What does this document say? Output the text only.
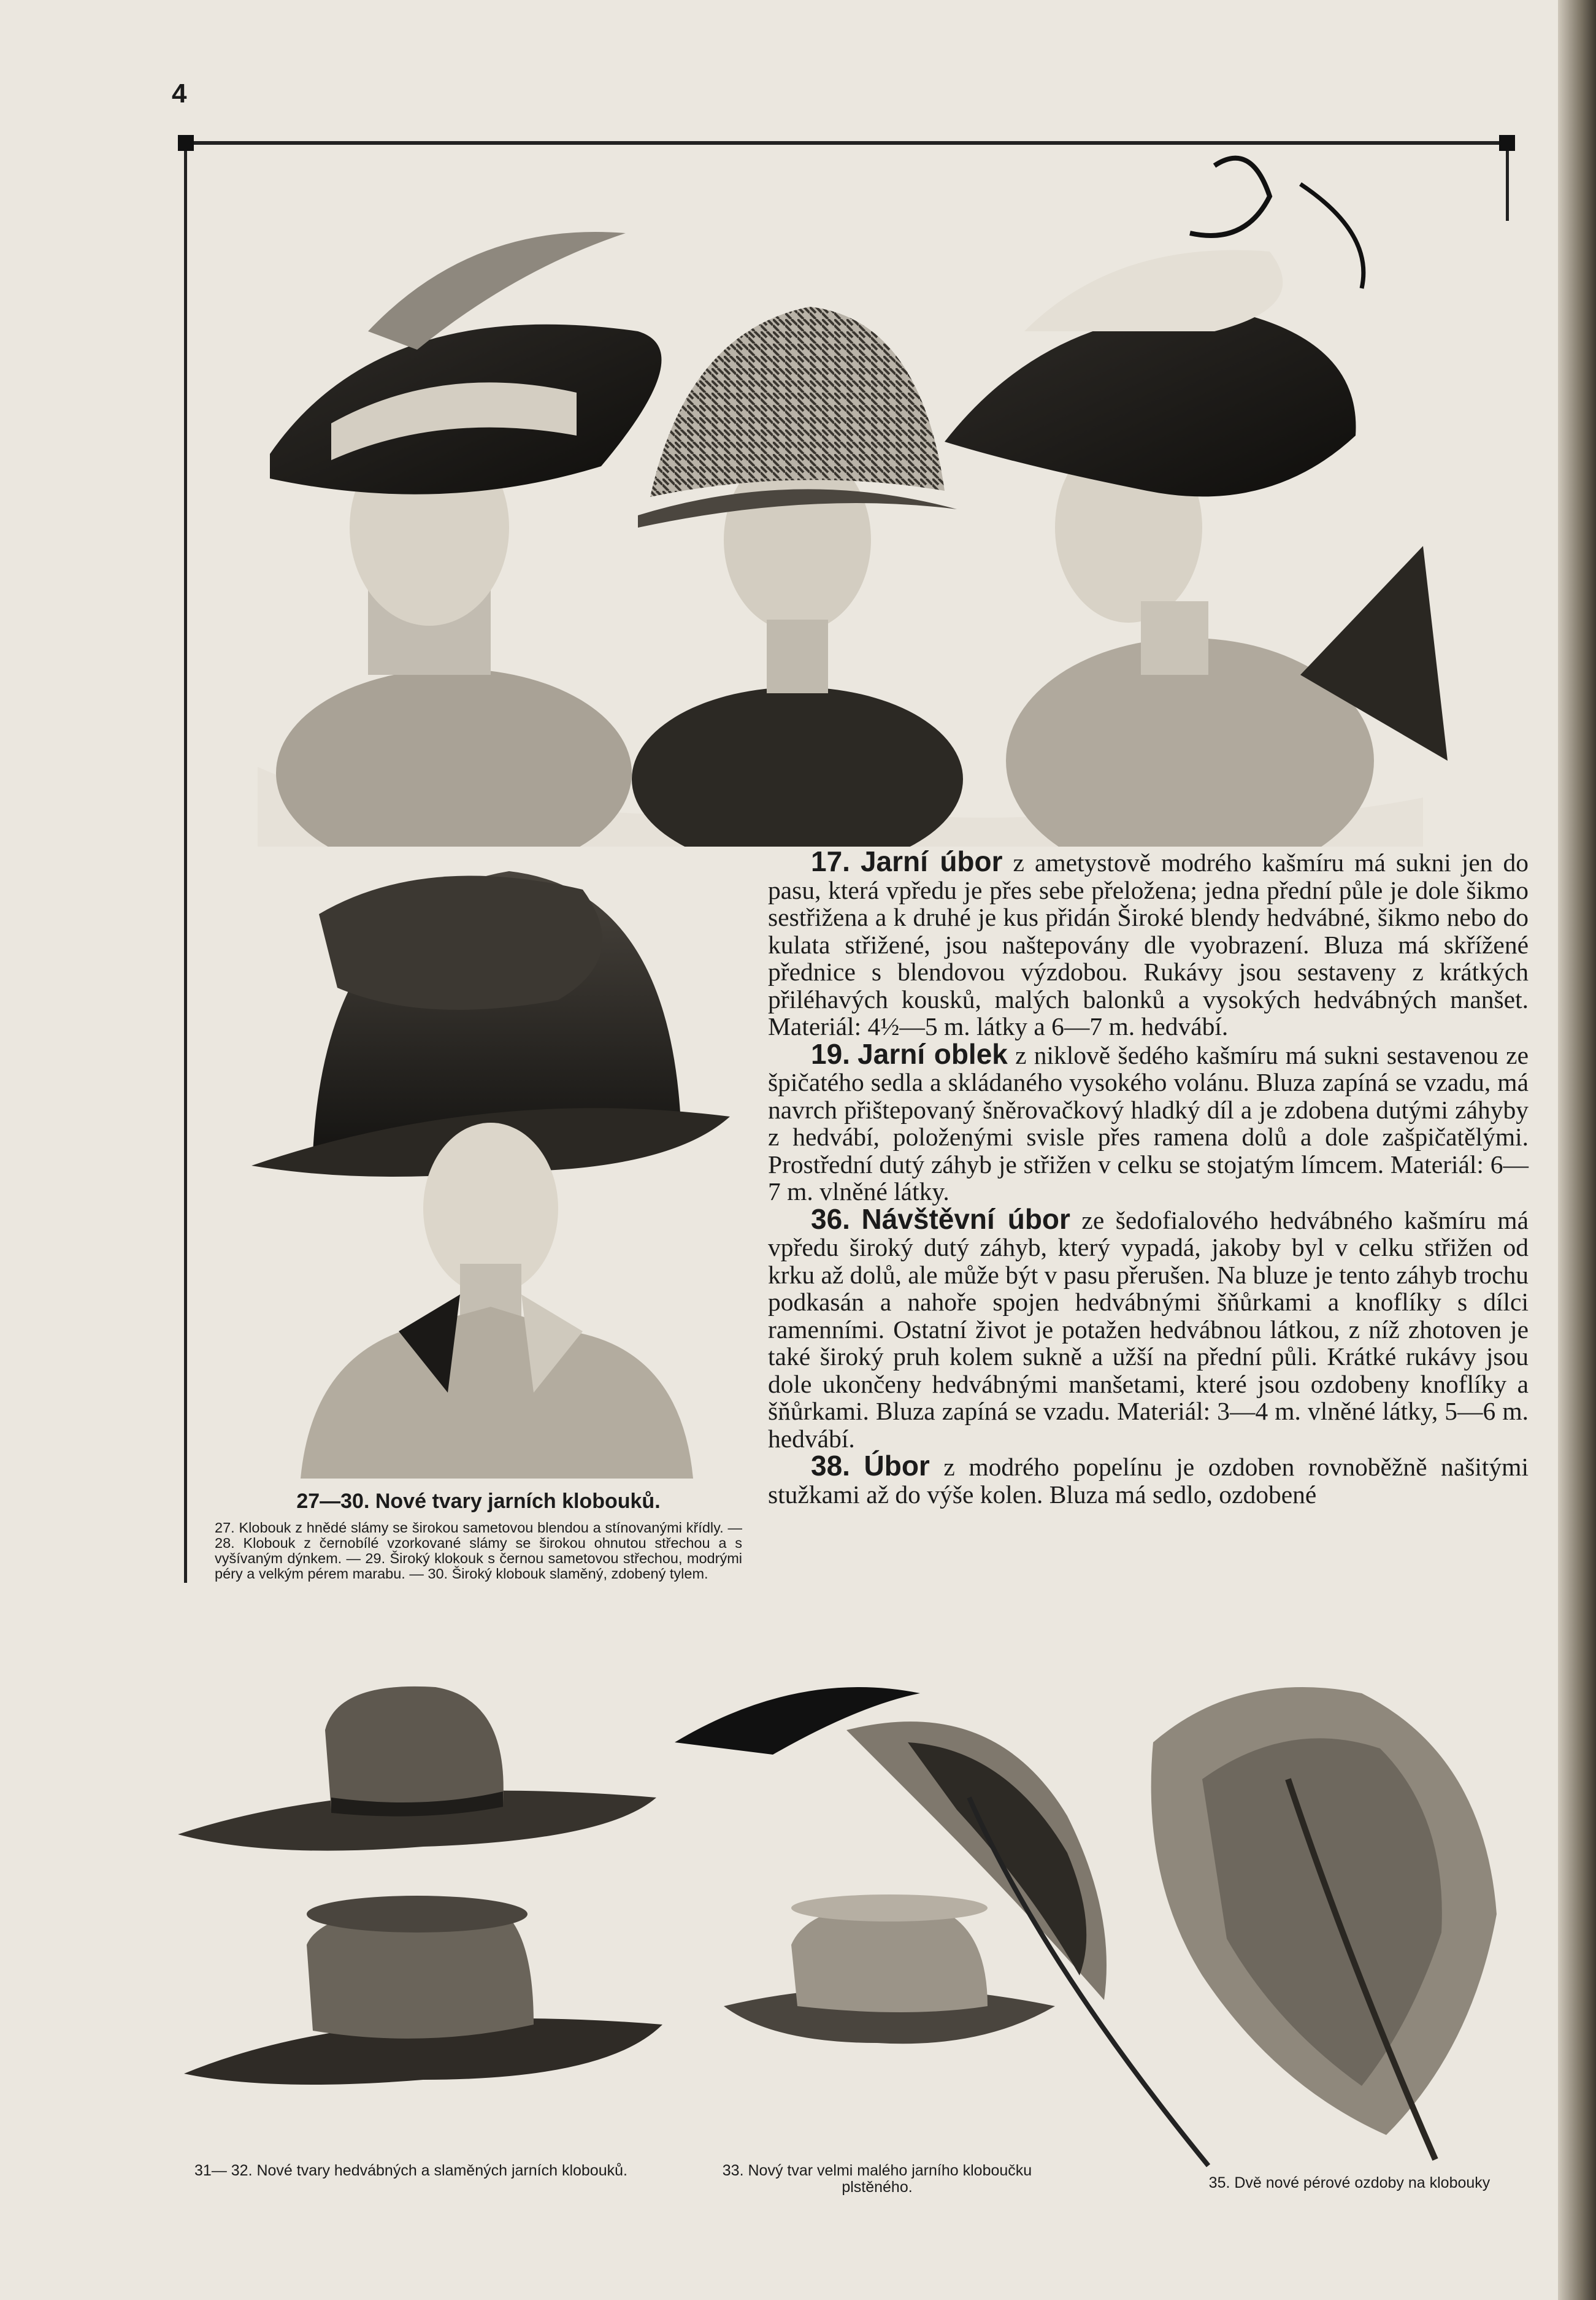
4

17. Jarní úbor z ametystově modrého kašmíru má sukni jen do pasu, která vpředu je přes sebe přeložena; jedna přední půle je dole šikmo sestřižena a k druhé je kus přidán Široké blendy hedvábné, šikmo nebo do kulata střižené, jsou naštepovány dle vyobrazení. Bluza má skřížené přednice s blendovou výzdobou. Rukávy jsou sestaveny z krátkých přiléhavých kousků, malých balonků a vysokých hedvábných manšet. Materiál: 4½—5 m. látky a 6—7 m. hedvábí.

19. Jarní oblek z niklově šedého kašmíru má sukni sestavenou ze špičatého sedla a skládaného vysokého volánu. Bluza zapíná se vzadu, má navrch přištepovaný šněrovačkový hladký díl a je zdobena dutými záhyby z hedvábí, položenými svisle přes ramena dolů a dole zašpičatělými. Prostřední dutý záhyb je střižen v celku se stojatým límcem. Materiál: 6—7 m. vlněné látky.

36. Návštěvní úbor ze šedofialového hedvábného kašmíru má vpředu široký dutý záhyb, který vypadá, jakoby byl v celku střižen od krku až dolů, ale může být v pasu přerušen. Na bluze je tento záhyb trochu podkasán a nahoře spojen hedvábnými šňůrkami a knoflíky s dílci ramenními. Ostatní život je potažen hedvábnou látkou, z níž zhotoven je také široký pruh kolem sukně a užší na přední půli. Krátké rukávy jsou dole ukončeny hedvábnými manšetami, které jsou ozdobeny knoflíky a šňůrkami. Bluza zapíná se vzadu. Materiál: 3—4 m. vlněné látky, 5—6 m. hedvábí.

38. Úbor z modrého popelínu je ozdoben rovnoběžně našitými stužkami až do výše kolen. Bluza má sedlo, ozdobené

27—30. Nové tvary jarních klobouků.
27. Klobouk z hnědé slámy se širokou sametovou blendou a stínovanými křídly. — 28. Klobouk z černobílé vzorkované slámy se širokou ohnutou střechou a s vyšívaným dýnkem. — 29. Široký klokouk s černou sametovou střechou, modrými péry a velkým pérem marabu. — 30. Široký klobouk slaměný, zdobený tylem.
31— 32. Nové tvary hedvábných a slaměných jarních klobouků.	33. Nový tvar velmi malého jarního kloboučku plstěného.	35. Dvě nové pérové ozdoby na klobouky
